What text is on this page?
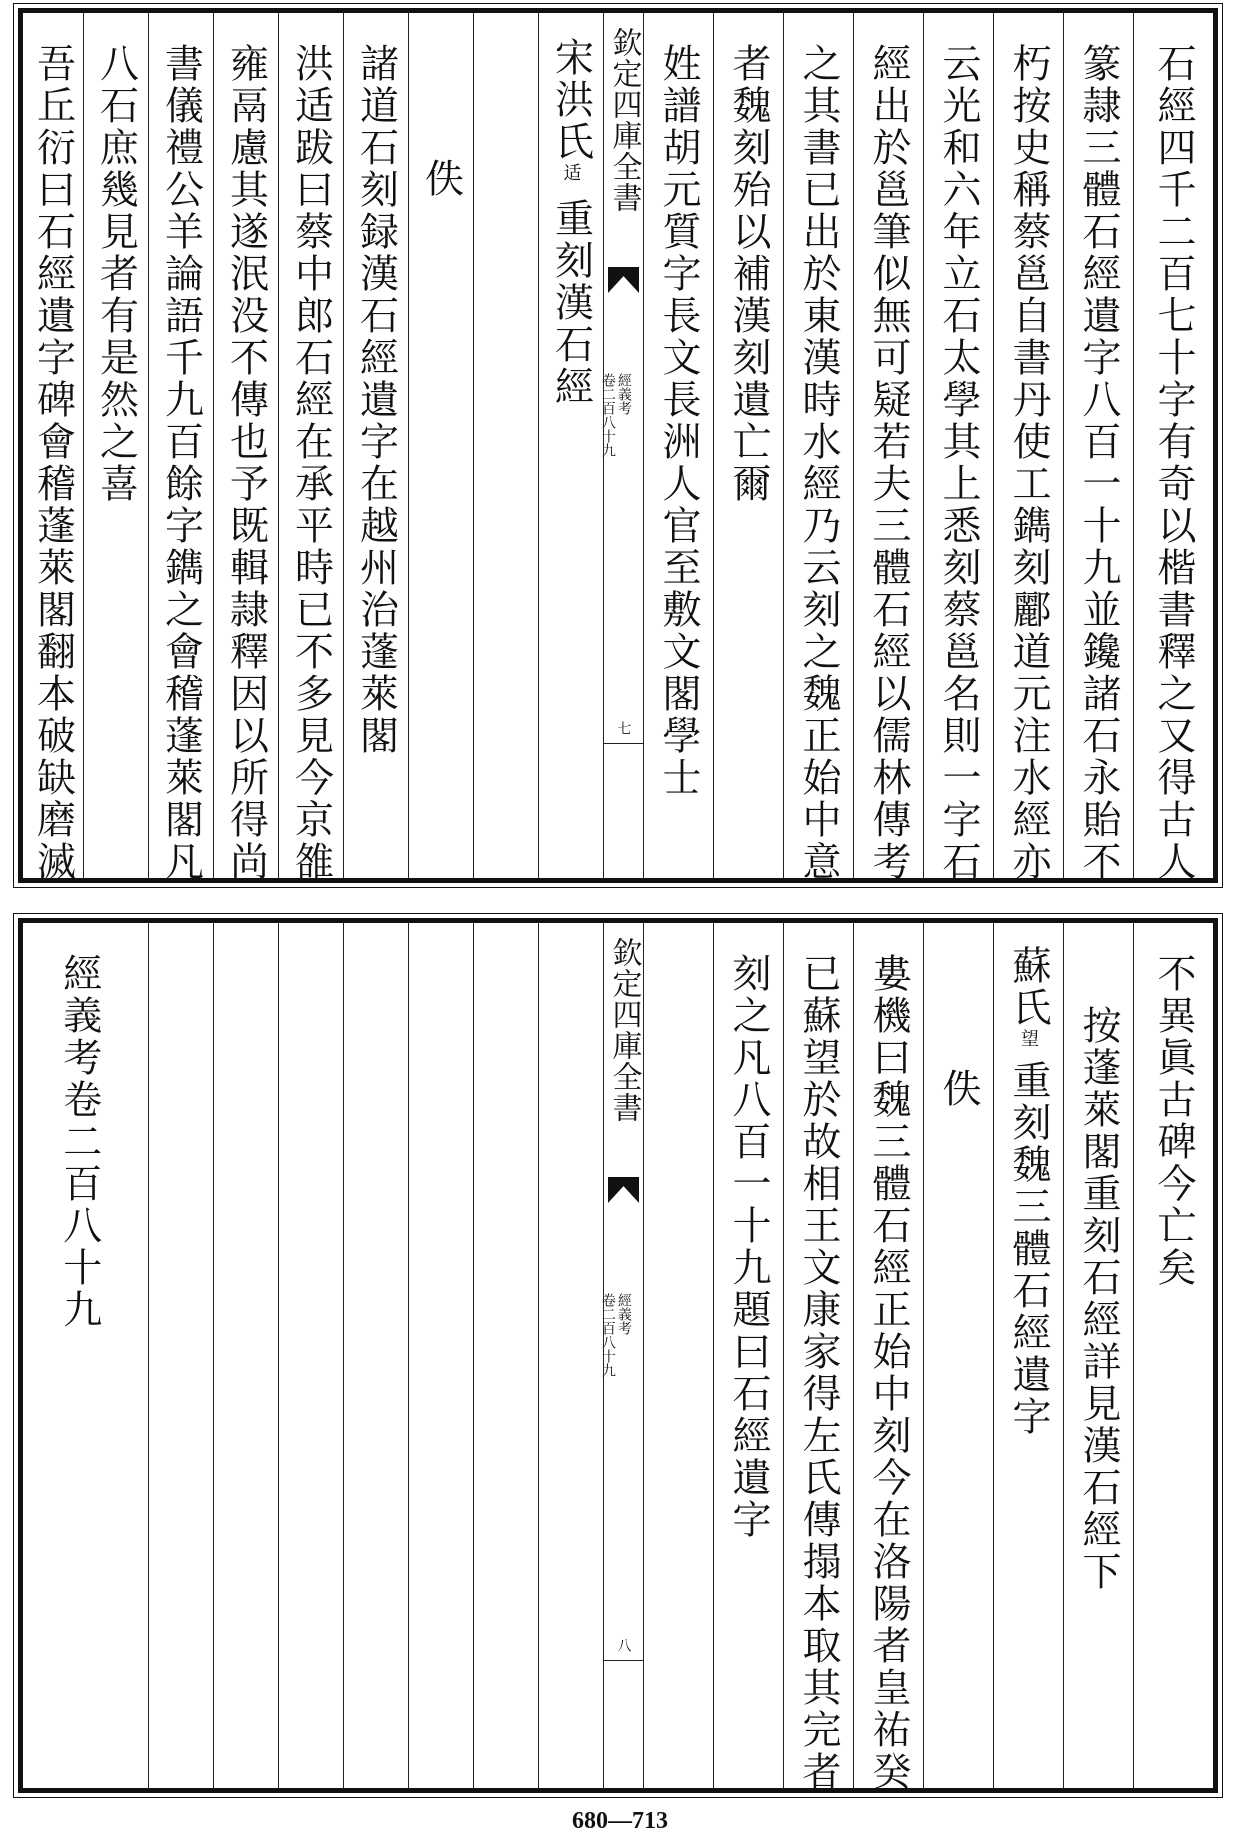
石經四千二百七十字有奇以楷書釋之又得古人
篆隷三體石經遺字八百一十九並鑱諸石永貽不
朽按史稱蔡邕自書丹使工鐫刻酈道元注水經亦
云光和六年立石太學其上悉刻蔡邕名則一字石
經出於邕筆似無可疑若夫三體石經以儒林傳考
之其書已出於東漢時水經乃云刻之魏正始中意
者魏刻殆以補漢刻遺亡爾
姓譜胡元質字長文長洲人官至敷文閣學士
欽定四庫全書
經義考
卷二百八十九
七
宋洪氏适重刻漢石經
佚
諸道石刻録漢石經遺字在越州治蓬萊閣
洪适跋曰蔡中郎石經在承平時已不多見今京雒
雍鬲慮其遂泯没不傳也予既輯隷釋因以所得尚
書儀禮公羊論語千九百餘字鐫之會稽蓬萊閣凡
八石庶幾見者有是然之喜
吾丘衍曰石經遺字碑會稽蓬萊閣翻本破缺磨滅
不異眞古碑今亡矣
按蓬萊閣重刻石經詳見漢石經下
蘇氏望重刻魏三體石經遺字
佚
婁機曰魏三體石經正始中刻今在洛陽者皇祐癸
已蘇望於故相王文康家得左氏傳搨本取其完者
刻之凡八百一十九題曰石經遺字
欽定四庫全書
經義考
卷二百八十九
八
經義考卷二百八十九
680—713
